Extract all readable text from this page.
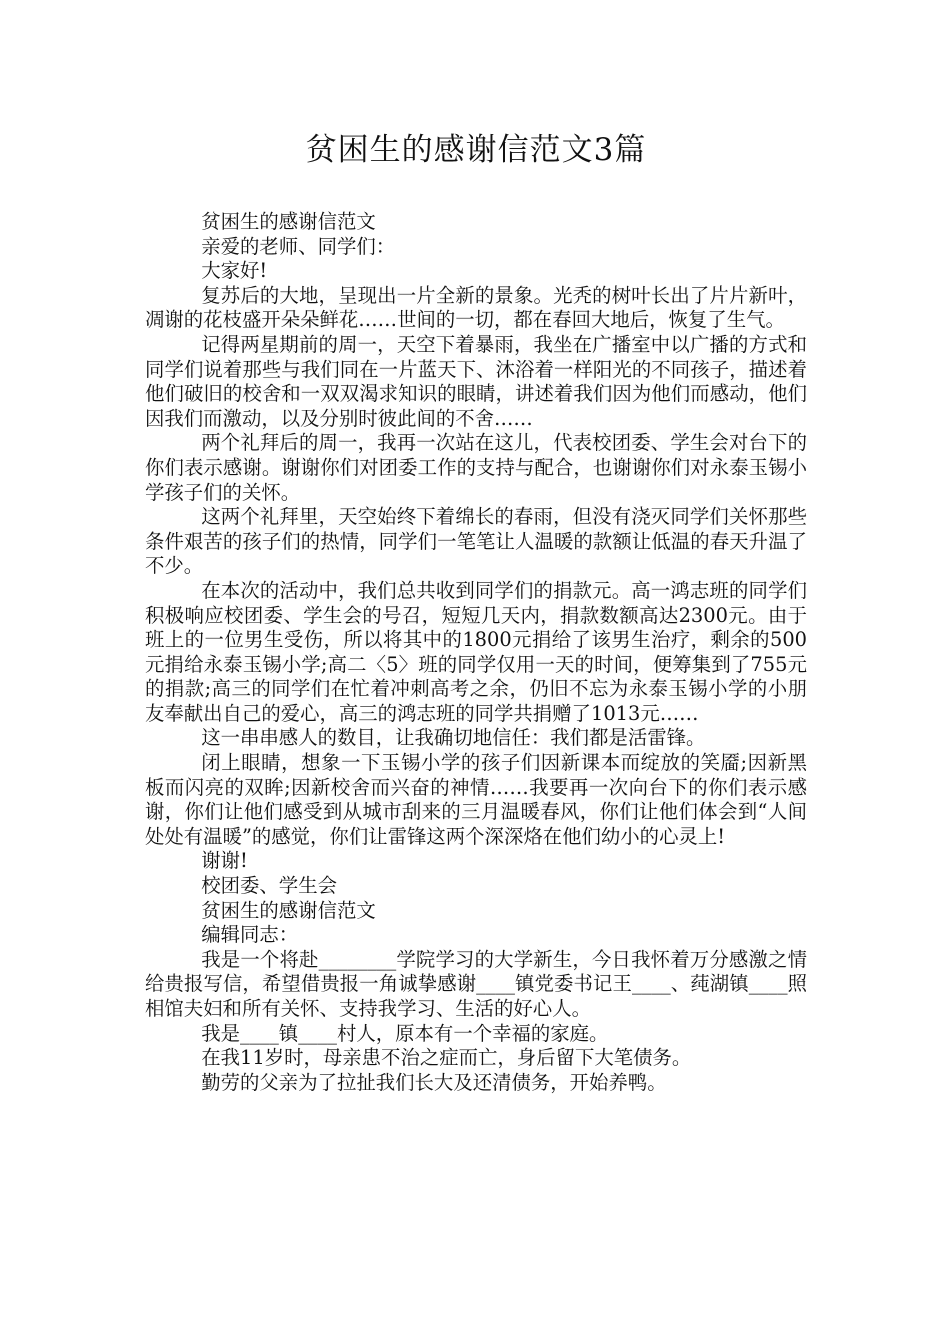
贫困生的感谢信范文3篇

贫困生的感谢信范文

亲爱的老师、同学们：

大家好!

复苏后的大地，呈现出一片全新的景象。光秃的树叶长出了片片新叶，凋谢的花枝盛开朵朵鲜花……世间的一切，都在春回大地后，恢复了生气。

记得两星期前的周一，天空下着暴雨，我坐在广播室中以广播的方式和同学们说着那些与我们同在一片蓝天下、沐浴着一样阳光的不同孩子，描述着他们破旧的校舍和一双双渴求知识的眼睛，讲述着我们因为他们而感动，他们因我们而激动，以及分别时彼此间的不舍……

两个礼拜后的周一，我再一次站在这儿，代表校团委、学生会对台下的你们表示感谢。谢谢你们对团委工作的支持与配合，也谢谢你们对永泰玉锡小学孩子们的关怀。

这两个礼拜里，天空始终下着绵长的春雨，但没有浇灭同学们关怀那些条件艰苦的孩子们的热情，同学们一笔笔让人温暖的款额让低温的春天升温了不少。

在本次的活动中，我们总共收到同学们的捐款元。高一鸿志班的同学们积极响应校团委、学生会的号召，短短几天内，捐款数额高达2300元。由于班上的一位男生受伤，所以将其中的1800元捐给了该男生治疗，剩余的500元捐给永泰玉锡小学;高二〈5〉班的同学仅用一天的时间，便筹集到了755元的捐款;高三的同学们在忙着冲刺高考之余，仍旧不忘为永泰玉锡小学的小朋友奉献出自己的爱心，高三的鸿志班的同学共捐赠了1013元……

这一串串感人的数目，让我确切地信任：我们都是活雷锋。

闭上眼睛，想象一下玉锡小学的孩子们因新课本而绽放的笑靥;因新黑板而闪亮的双眸;因新校舍而兴奋的神情……我要再一次向台下的你们表示感谢，你们让他们感受到从城市刮来的三月温暖春风，你们让他们体会到“人间处处有温暖”的感觉，你们让雷锋这两个深深烙在他们幼小的心灵上!

谢谢!

校团委、学生会

贫困生的感谢信范文

编辑同志：

我是一个将赴________学院学习的大学新生，今日我怀着万分感激之情给贵报写信，希望借贵报一角诚挚感谢____镇党委书记王____、莼湖镇____照相馆夫妇和所有关怀、支持我学习、生活的好心人。

我是____镇____村人，原本有一个幸福的家庭。

在我11岁时，母亲患不治之症而亡，身后留下大笔债务。

勤劳的父亲为了拉扯我们长大及还清债务，开始养鸭。
